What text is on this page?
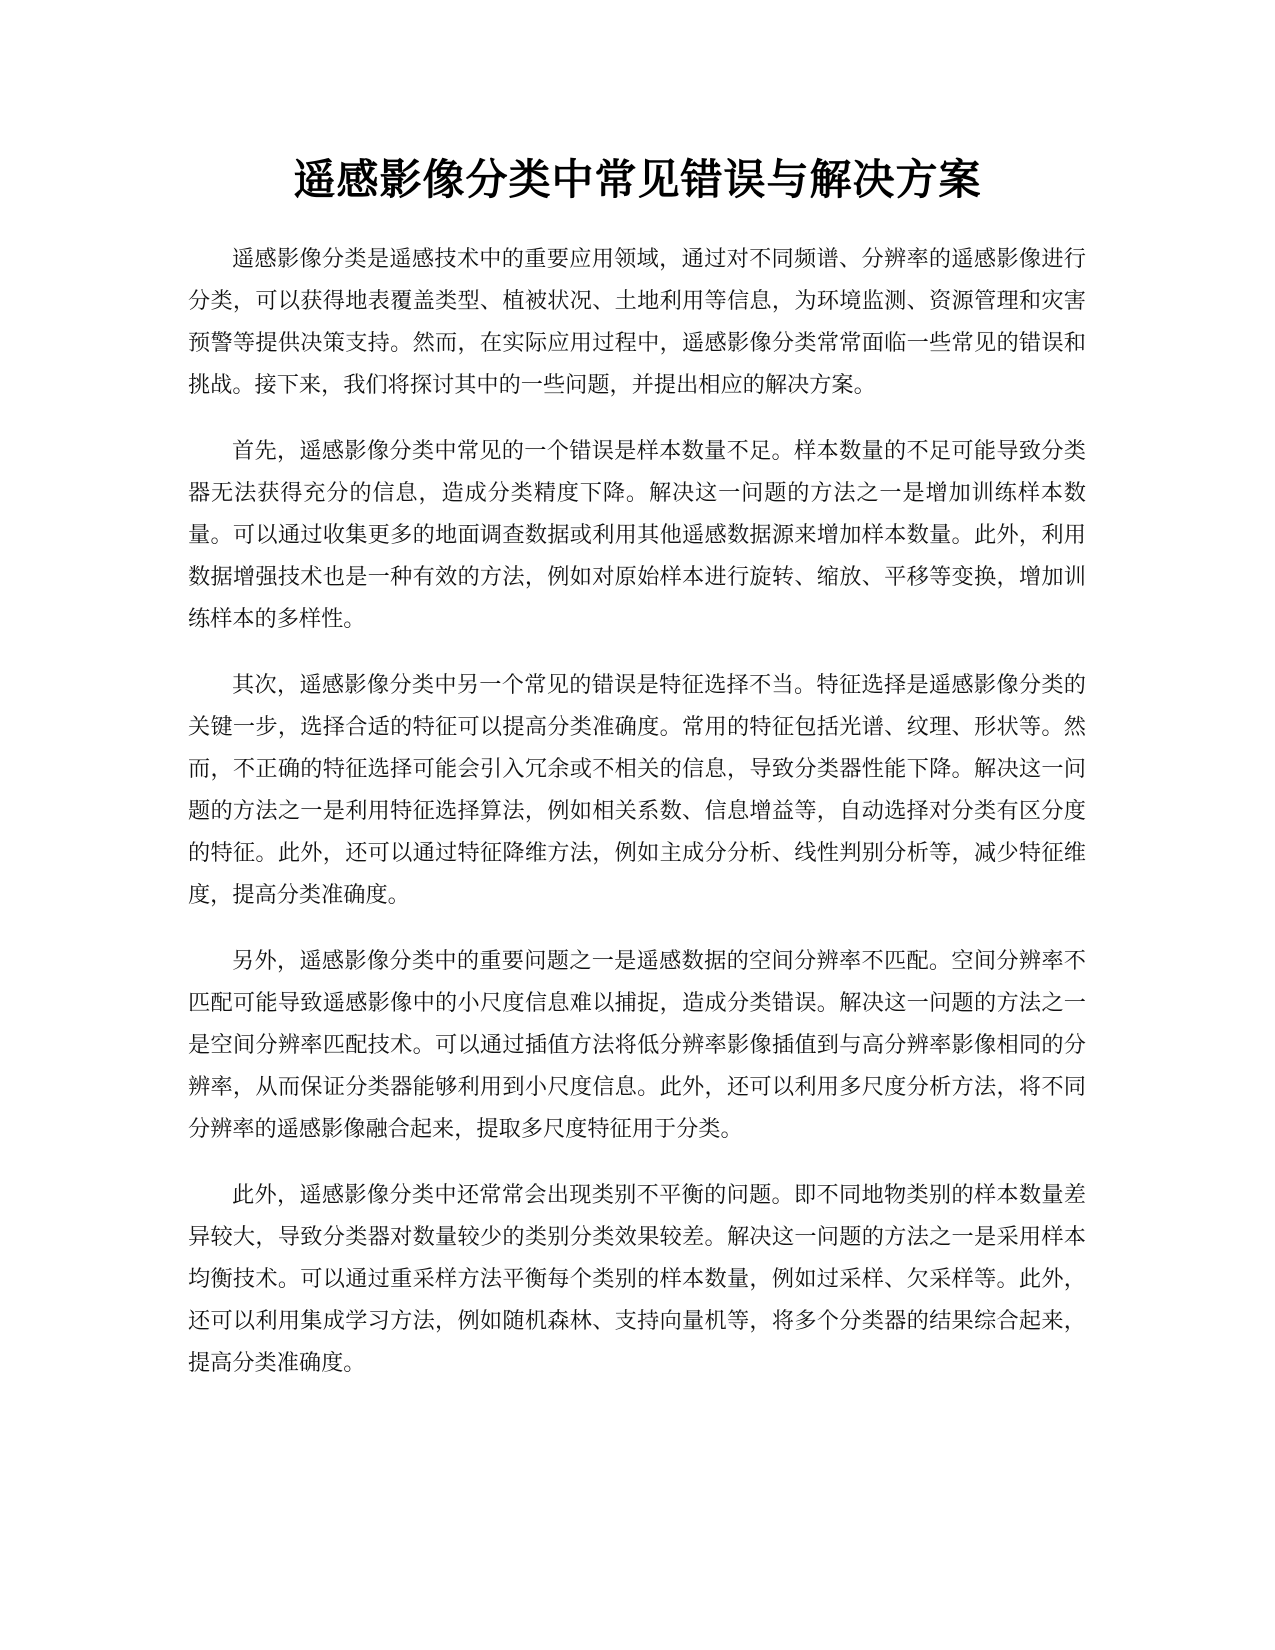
遥感影像分类中常见错误与解决方案

遥感影像分类是遥感技术中的重要应用领域，通过对不同频谱、分辨率的遥感影像进行分类，可以获得地表覆盖类型、植被状况、土地利用等信息，为环境监测、资源管理和灾害预警等提供决策支持。然而，在实际应用过程中，遥感影像分类常常面临一些常见的错误和挑战。接下来，我们将探讨其中的一些问题，并提出相应的解决方案。

首先，遥感影像分类中常见的一个错误是样本数量不足。样本数量的不足可能导致分类器无法获得充分的信息，造成分类精度下降。解决这一问题的方法之一是增加训练样本数量。可以通过收集更多的地面调查数据或利用其他遥感数据源来增加样本数量。此外，利用数据增强技术也是一种有效的方法，例如对原始样本进行旋转、缩放、平移等变换，增加训练样本的多样性。

其次，遥感影像分类中另一个常见的错误是特征选择不当。特征选择是遥感影像分类的关键一步，选择合适的特征可以提高分类准确度。常用的特征包括光谱、纹理、形状等。然而，不正确的特征选择可能会引入冗余或不相关的信息，导致分类器性能下降。解决这一问题的方法之一是利用特征选择算法，例如相关系数、信息增益等，自动选择对分类有区分度的特征。此外，还可以通过特征降维方法，例如主成分分析、线性判别分析等，减少特征维度，提高分类准确度。

另外，遥感影像分类中的重要问题之一是遥感数据的空间分辨率不匹配。空间分辨率不匹配可能导致遥感影像中的小尺度信息难以捕捉，造成分类错误。解决这一问题的方法之一是空间分辨率匹配技术。可以通过插值方法将低分辨率影像插值到与高分辨率影像相同的分辨率，从而保证分类器能够利用到小尺度信息。此外，还可以利用多尺度分析方法，将不同分辨率的遥感影像融合起来，提取多尺度特征用于分类。

此外，遥感影像分类中还常常会出现类别不平衡的问题。即不同地物类别的样本数量差异较大，导致分类器对数量较少的类别分类效果较差。解决这一问题的方法之一是采用样本均衡技术。可以通过重采样方法平衡每个类别的样本数量，例如过采样、欠采样等。此外，还可以利用集成学习方法，例如随机森林、支持向量机等，将多个分类器的结果综合起来，提高分类准确度。
